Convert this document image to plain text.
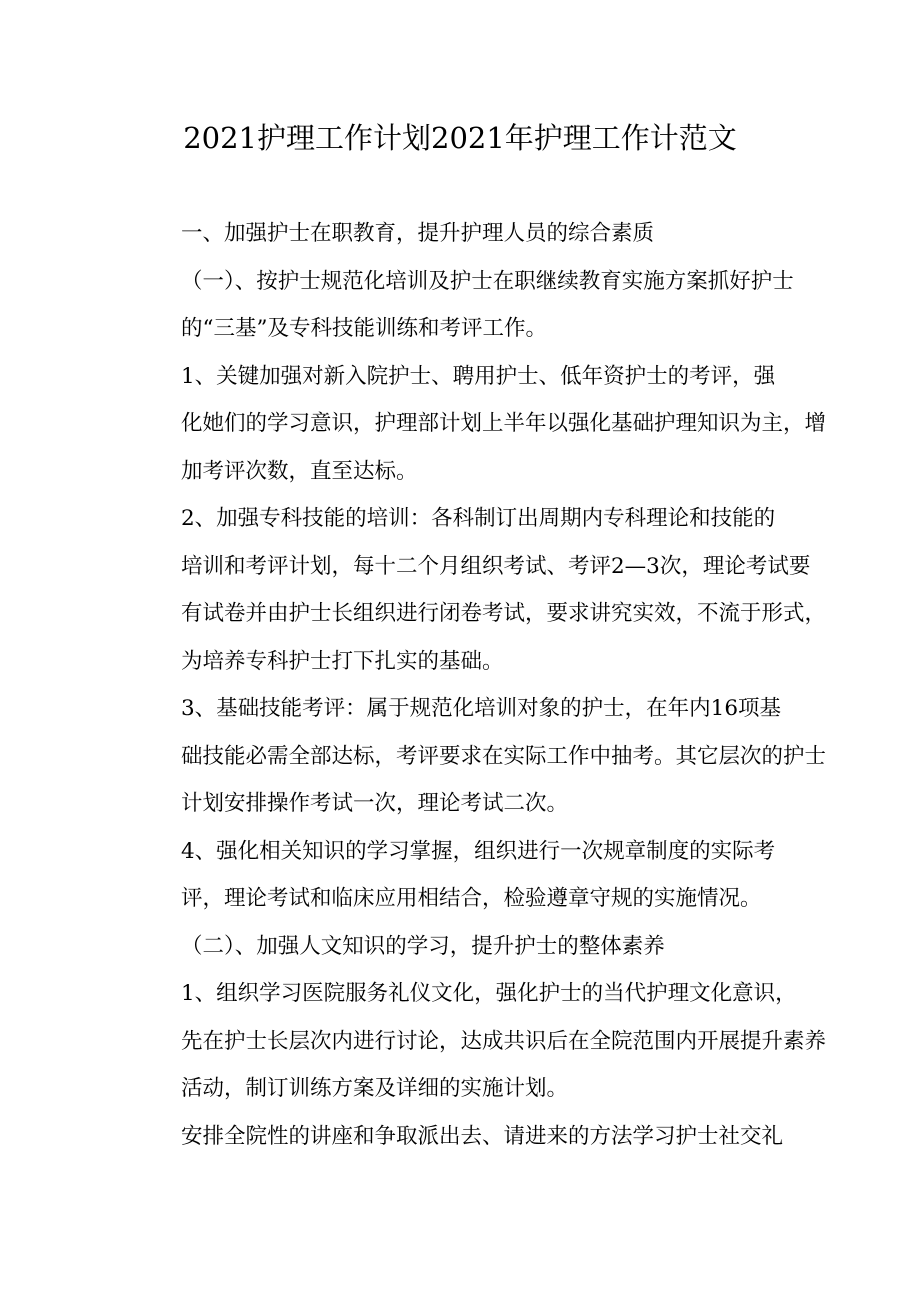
2021护理工作计划2021年护理工作计范文

一、加强护士在职教育，提升护理人员的综合素质

（一）、按护士规范化培训及护士在职继续教育实施方案抓好护士
的“三基”及专科技能训练和考评工作。

1、关键加强对新入院护士、聘用护士、低年资护士的考评，强
化她们的学习意识，护理部计划上半年以强化基础护理知识为主，增
加考评次数，直至达标。

2、加强专科技能的培训：各科制订出周期内专科理论和技能的
培训和考评计划，每十二个月组织考试、考评2—3次，理论考试要
有试卷并由护士长组织进行闭卷考试，要求讲究实效，不流于形式，
为培养专科护士打下扎实的基础。

3、基础技能考评：属于规范化培训对象的护士，在年内16项基
础技能必需全部达标，考评要求在实际工作中抽考。其它层次的护士
计划安排操作考试一次，理论考试二次。

4、强化相关知识的学习掌握，组织进行一次规章制度的实际考
评，理论考试和临床应用相结合，检验遵章守规的实施情况。

（二）、加强人文知识的学习，提升护士的整体素养

1、组织学习医院服务礼仪文化，强化护士的当代护理文化意识，
先在护士长层次内进行讨论，达成共识后在全院范围内开展提升素养
活动，制订训练方案及详细的实施计划。

安排全院性的讲座和争取派出去、请进来的方法学习护士社交礼
